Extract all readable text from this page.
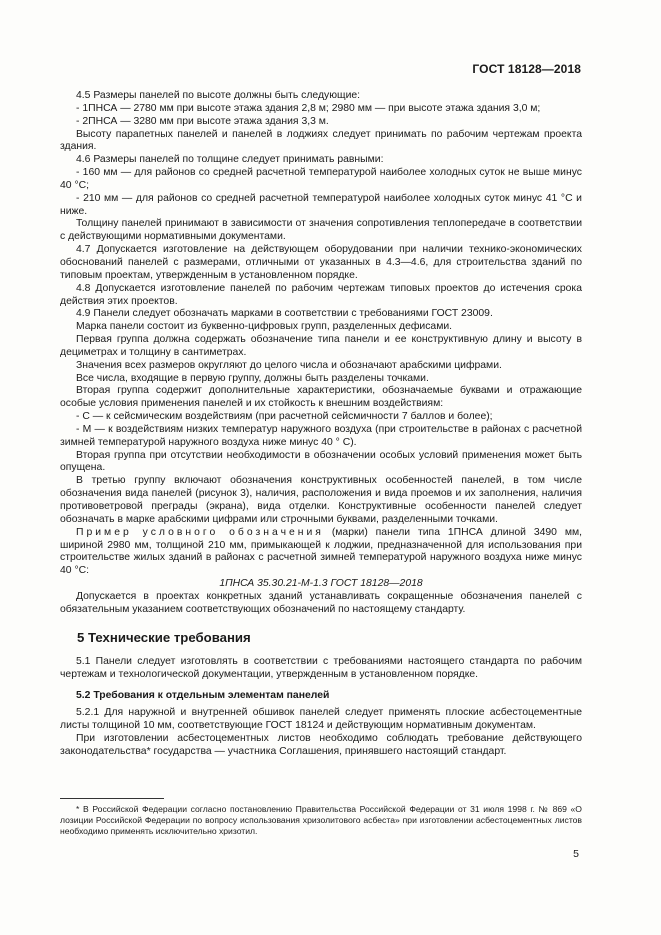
ГОСТ 18128—2018

4.5 Размеры панелей по высоте должны быть следующие:

- 1ПНСА — 2780 мм при высоте этажа здания 2,8 м; 2980 мм — при высоте этажа здания 3,0 м;

- 2ПНСА — 3280 мм при высоте этажа здания 3,3 м.

Высоту парапетных панелей и панелей в лоджиях следует принимать по рабочим чертежам проекта здания.

4.6 Размеры панелей по толщине следует принимать равными:

- 160 мм — для районов со средней расчетной температурой наиболее холодных суток не выше минус 40 °С;

- 210 мм — для районов со средней расчетной температурой наиболее холодных суток минус 41 °С и ниже.

Толщину панелей принимают в зависимости от значения сопротивления теплопередаче в соответствии с действующими нормативными документами.

4.7 Допускается изготовление на действующем оборудовании при наличии технико-экономических обоснований панелей с размерами, отличными от указанных в 4.3—4.6, для строительства зданий по типовым проектам, утвержденным в установленном порядке.

4.8 Допускается изготовление панелей по рабочим чертежам типовых проектов до истечения срока действия этих проектов.

4.9 Панели следует обозначать марками в соответствии с требованиями ГОСТ 23009.

Марка панели состоит из буквенно-цифровых групп, разделенных дефисами.

Первая группа должна содержать обозначение типа панели и ее конструктивную длину и высоту в дециметрах и толщину в сантиметрах.

Значения всех размеров округляют до целого числа и обозначают арабскими цифрами.

Все числа, входящие в первую группу, должны быть разделены точками.

Вторая группа содержит дополнительные характеристики, обозначаемые буквами и отражающие особые условия применения панелей и их стойкость к внешним воздействиям:

- С — к сейсмическим воздействиям (при расчетной сейсмичности 7 баллов и более);

- М — к воздействиям низких температур наружного воздуха (при строительстве в районах с расчетной зимней температурой наружного воздуха ниже минус 40 ° С).

Вторая группа при отсутствии необходимости в обозначении особых условий применения может быть опущена.

В третью группу включают обозначения конструктивных особенностей панелей, в том числе обозначения вида панелей (рисунок 3), наличия, расположения и вида проемов и их заполнения, наличия противоветровой преграды (экрана), вида отделки. Конструктивные особенности панелей следует обозначать в марке арабскими цифрами или строчными буквами, разделенными точками.

Пример условного обозначения (марки) панели типа 1ПНСА длиной 3490 мм, шириной 2980 мм, толщиной 210 мм, примыкающей к лоджии, предназначенной для использования при строительстве жилых зданий в районах с расчетной зимней температурой наружного воздуха ниже минус 40 °С:

1ПНСА 35.30.21-М-1.3 ГОСТ 18128—2018

Допускается в проектах конкретных зданий устанавливать сокращенные обозначения панелей с обязательным указанием соответствующих обозначений по настоящему стандарту.

5 Технические требования

5.1 Панели следует изготовлять в соответствии с требованиями настоящего стандарта по рабочим чертежам и технологической документации, утвержденным в установленном порядке.

5.2 Требования к отдельным элементам панелей

5.2.1 Для наружной и внутренней обшивок панелей следует применять плоские асбестоцементные листы толщиной 10 мм, соответствующие ГОСТ 18124 и действующим нормативным документам.

При изготовлении асбестоцементных листов необходимо соблюдать требование действующего законодательства* государства — участника Соглашения, принявшего настоящий стандарт.

* В Российской Федерации согласно постановлению Правительства Российской Федерации от 31 июля 1998 г. № 869 «О лозиции Российской Федерации по вопросу использования хризолитового асбеста» при изготовлении асбестоцементных листов необходимо применять исключительно хризотил.

5
